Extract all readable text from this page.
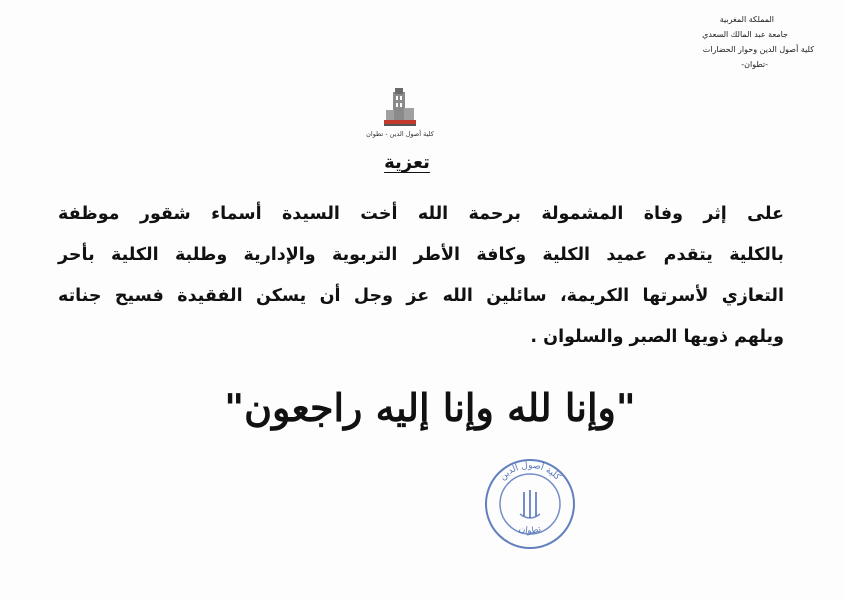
المملكة المغربية
جامعة عبد المالك السعدي
كلية أصول الدين وحوار الحضارات
-تطوان-
كلية أصول الدين - تطوان
تعزية
على إثر وفاة المشمولة برحمة الله أخت السيدة أسماء شقور موظفة
بالكلية يتقدم عميد الكلية وكافة الأطر التربوية والإدارية وطلبة الكلية بأحر
التعازي لأسرتها الكريمة، سائلين الله عز وجل أن يسكن الفقيدة فسيح جناته
ويلهم ذويها الصبر والسلوان .
"وإنا لله وإنا إليه راجعون"
كلية أصول الدين
تطوان
